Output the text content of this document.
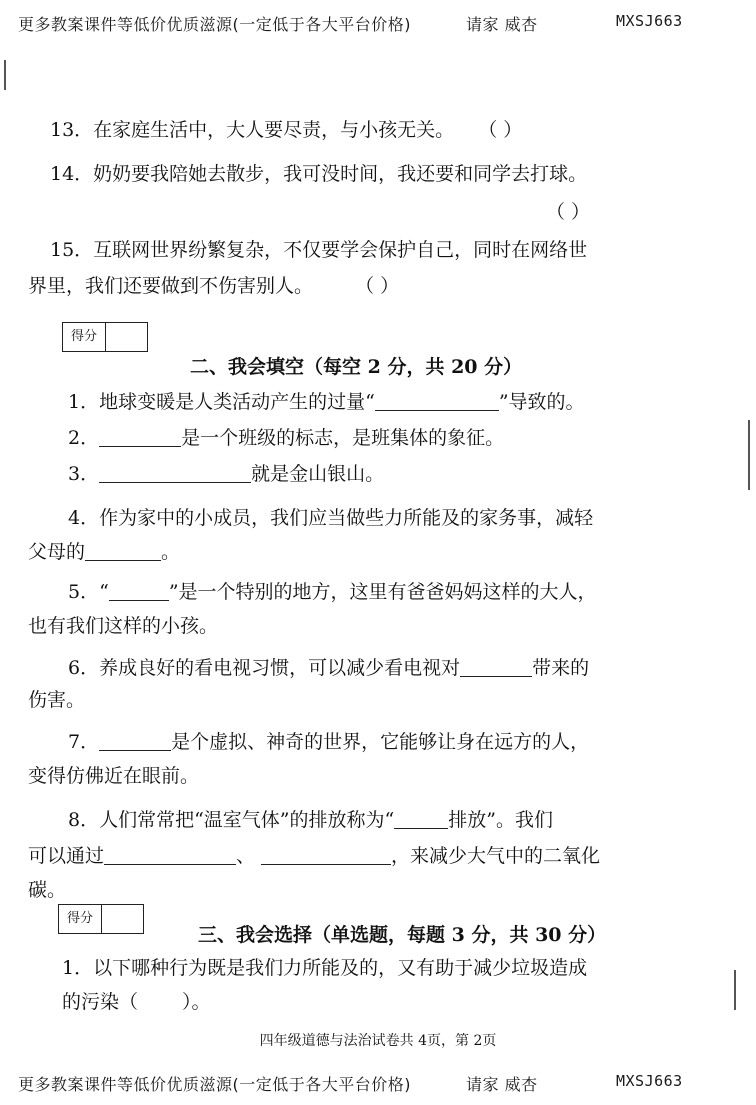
更多教案课件等低价优质滋源(一定低于各大平台价格)	请家 威杏	MXSJ663
13．在家庭生活中，大人要尽责，与小孩无关。 （ ）
14．奶奶要我陪她去散步，我可没时间，我还要和同学去打球。
（ ）
15．互联网世界纷繁复杂，不仅要学会保护自己，同时在网络世
界里，我们还要做到不伤害别人。 （ ）
得分
二、我会填空（每空 2 分，共 20 分）
1．地球变暖是人类活动产生的过量“	”导致的。
2．	是一个班级的标志，是班集体的象征。
3．	就是金山银山。
4．作为家中的小成员，我们应当做些力所能及的家务事，减轻
父母的	。
5．“	”是一个特别的地方，这里有爸爸妈妈这样的大人，
也有我们这样的小孩。
6．养成良好的看电视习惯，可以减少看电视对	带来的
伤害。
7．	是个虚拟、神奇的世界，它能够让身在远方的人，
变得仿佛近在眼前。
8．人们常常把“温室气体”的排放称为“	排放”。我们
可以通过	、	，来减少大气中的二氧化
碳。
得分
三、我会选择（单选题，每题 3 分，共 30 分）
1．以下哪种行为既是我们力所能及的，又有助于减少垃圾造成
的污染（ ）。
四年级道德与法治试卷共 4页，第 2页
更多教案课件等低价优质滋源(一定低于各大平台价格)	请家 威杏	MXSJ663
